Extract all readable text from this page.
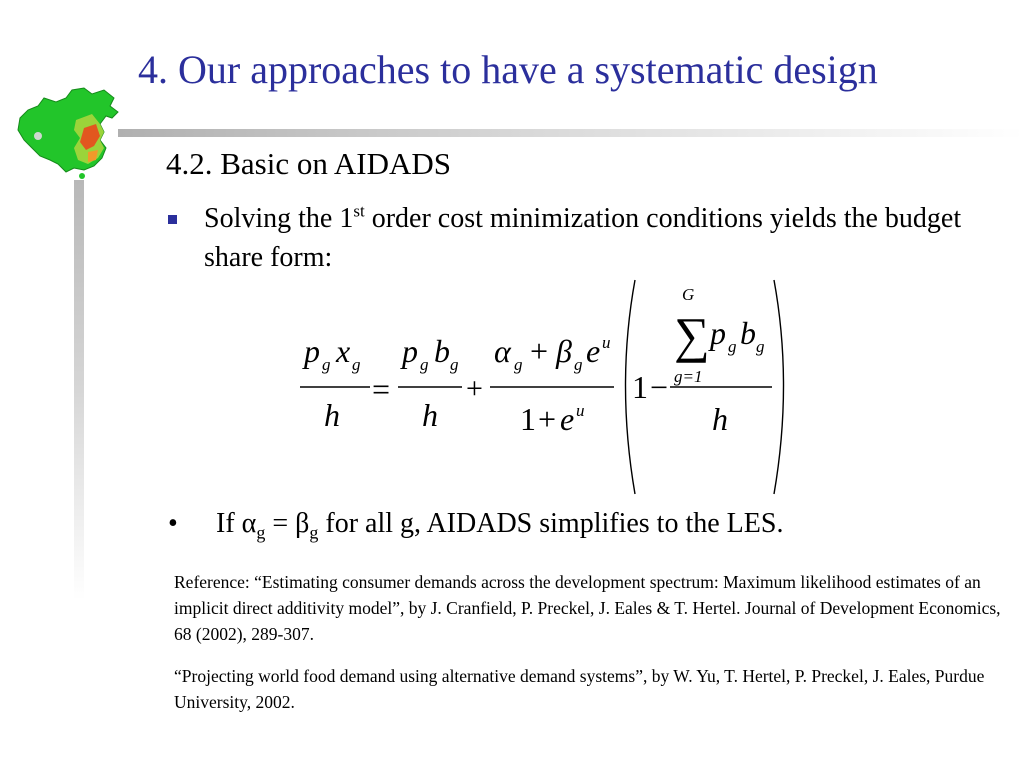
4. Our approaches to have a systematic design
4.2. Basic on AIDADS
Solving the 1st order cost minimization conditions yields the budget share form:
p g x g
h
=
p g b g
h
+
α g + β g e u
1 + e u
1 −
G
∑
g=1
p g b g
h

• If $\alpha_g = \beta_g$ for all g, AIDADS simplifies to the LES.

Reference: “Estimating consumer demands across the development spectrum: Maximum likelihood estimates of an implicit direct additivity model”, by J. Cranfield, P. Preckel, J. Eales & T. Hertel. Journal of Development Economics, 68 (2002), 289-307.

“Projecting world food demand using alternative demand systems”, by W. Yu, T. Hertel, P. Preckel, J. Eales, Purdue University, 2002.
